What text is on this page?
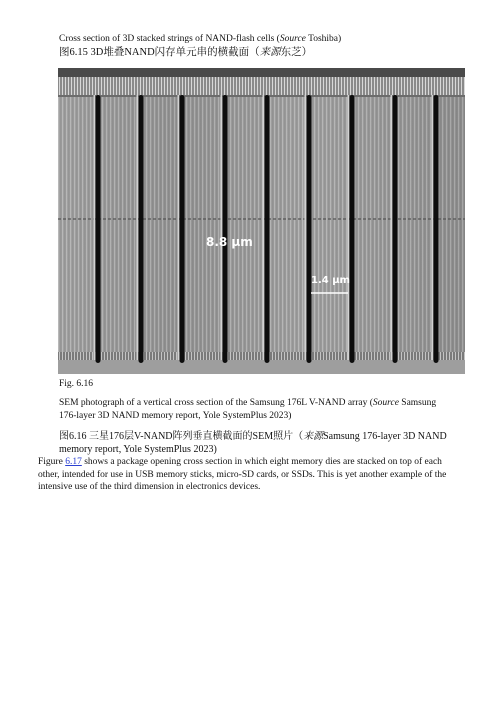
Cross section of 3D stacked strings of NAND-flash cells (Source Toshiba)
图6.15 3D堆叠NAND闪存单元串的横截面（来源东芝）
8.8 μm
1.4 μm
Fig. 6.16
SEM photograph of a vertical cross section of the Samsung 176L V-NAND array (Source Samsung 176-layer 3D NAND memory report, Yole SystemPlus 2023)
图6.16 三星176层V-NAND阵列垂直横截面的SEM照片（来源Samsung 176-layer 3D NAND memory report, Yole SystemPlus 2023)
Figure 6.17 shows a package opening cross section in which eight memory dies are stacked on top of each other, intended for use in USB memory sticks, micro-SD cards, or SSDs. This is yet another example of the intensive use of the third dimension in electronics devices.
